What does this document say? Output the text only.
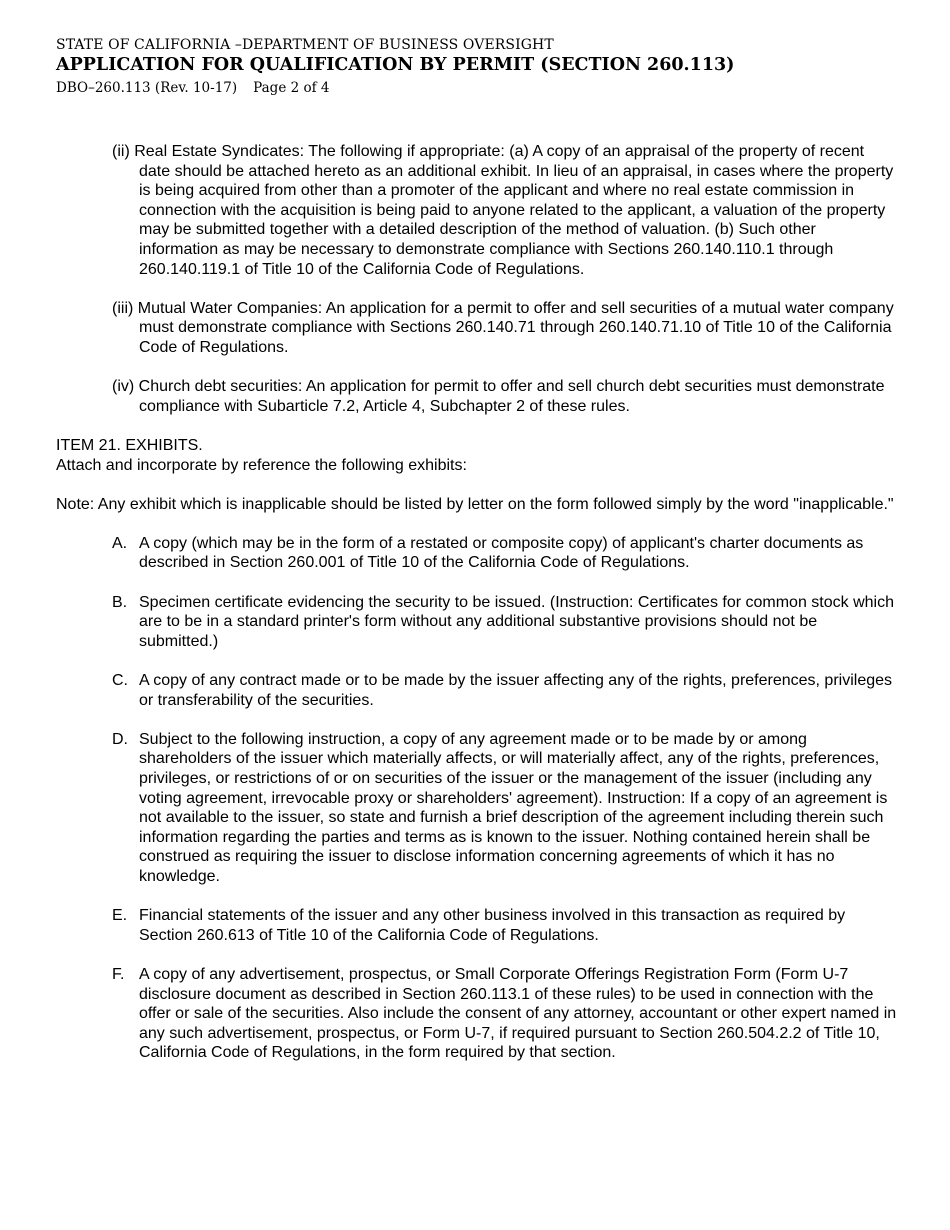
STATE OF CALIFORNIA –DEPARTMENT OF BUSINESS OVERSIGHT
APPLICATION FOR QUALIFICATION BY PERMIT (SECTION 260.113)
DBO–260.113 (Rev. 10-17) Page 2 of 4

(ii) Real Estate Syndicates: The following if appropriate: (a) A copy of an appraisal of the property of recent date should be attached hereto as an additional exhibit. In lieu of an appraisal, in cases where the property is being acquired from other than a promoter of the applicant and where no real estate commission in connection with the acquisition is being paid to anyone related to the applicant, a valuation of the property may be submitted together with a detailed description of the method of valuation. (b) Such other information as may be necessary to demonstrate compliance with Sections 260.140.110.1 through 260.140.119.1 of Title 10 of the California Code of Regulations.

(iii) Mutual Water Companies: An application for a permit to offer and sell securities of a mutual water company must demonstrate compliance with Sections 260.140.71 through 260.140.71.10 of Title 10 of the California Code of Regulations.

(iv) Church debt securities: An application for permit to offer and sell church debt securities must demonstrate compliance with Subarticle 7.2, Article 4, Subchapter 2 of these rules.

ITEM 21. EXHIBITS.

Attach and incorporate by reference the following exhibits:

Note: Any exhibit which is inapplicable should be listed by letter on the form followed simply by the word "inapplicable."

A. A copy (which may be in the form of a restated or composite copy) of applicant's charter documents as described in Section 260.001 of Title 10 of the California Code of Regulations.
B. Specimen certificate evidencing the security to be issued. (Instruction: Certificates for common stock which are to be in a standard printer's form without any additional substantive provisions should not be submitted.)
C. A copy of any contract made or to be made by the issuer affecting any of the rights, preferences, privileges or transferability of the securities.
D. Subject to the following instruction, a copy of any agreement made or to be made by or among shareholders of the issuer which materially affects, or will materially affect, any of the rights, preferences, privileges, or restrictions of or on securities of the issuer or the management of the issuer (including any voting agreement, irrevocable proxy or shareholders' agreement). Instruction: If a copy of an agreement is not available to the issuer, so state and furnish a brief description of the agreement including therein such information regarding the parties and terms as is known to the issuer. Nothing contained herein shall be construed as requiring the issuer to disclose information concerning agreements of which it has no knowledge.
E. Financial statements of the issuer and any other business involved in this transaction as required by Section 260.613 of Title 10 of the California Code of Regulations.
F. A copy of any advertisement, prospectus, or Small Corporate Offerings Registration Form (Form U-7 disclosure document as described in Section 260.113.1 of these rules) to be used in connection with the offer or sale of the securities. Also include the consent of any attorney, accountant or other expert named in any such advertisement, prospectus, or Form U-7, if required pursuant to Section 260.504.2.2 of Title 10, California Code of Regulations, in the form required by that section.
